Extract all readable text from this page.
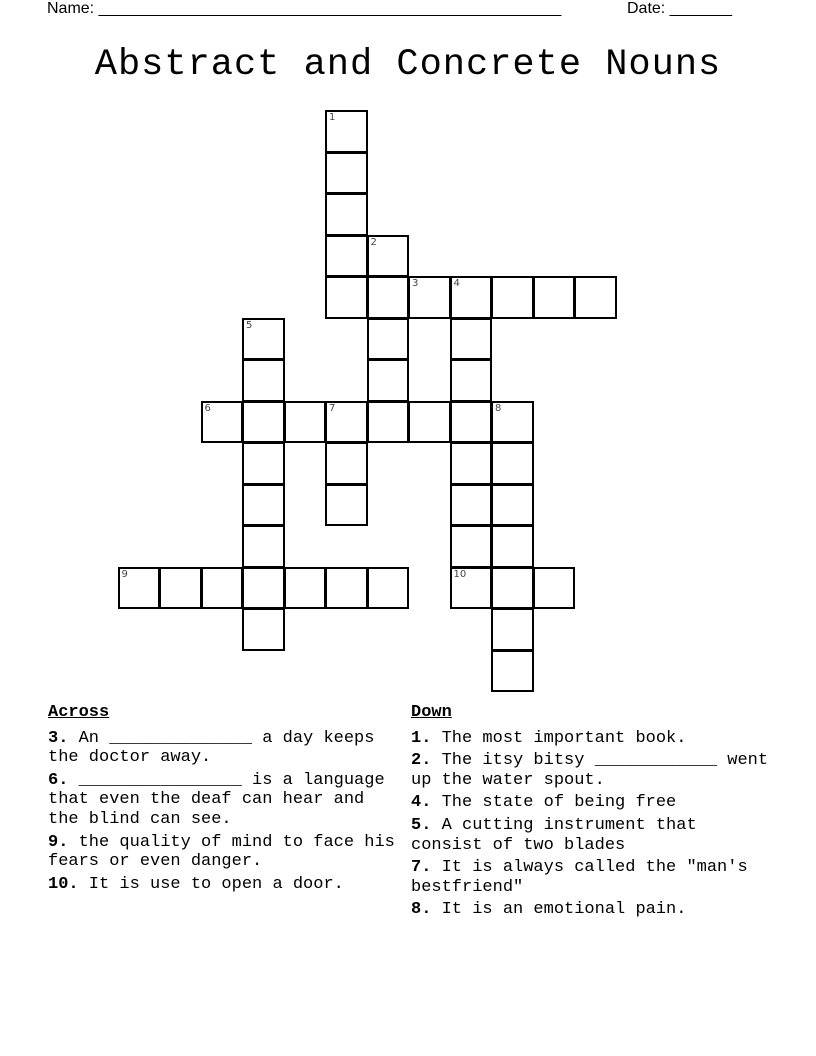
Name: ____________________________________________________	Date: _______
Abstract and Concrete Nouns
1
2
3	4
5
6	7	8
9	10
Across
3. An ______________ a day keeps the doctor away.
6. ________________ is a language that even the deaf can hear and the blind can see.
9. the quality of mind to face his fears or even danger.
10. It is use to open a door.
Down
1. The most important book.
2. The itsy bitsy ____________ went up the water spout.
4. The state of being free
5. A cutting instrument that consist of two blades
7. It is always called the "man's bestfriend"
8. It is an emotional pain.
